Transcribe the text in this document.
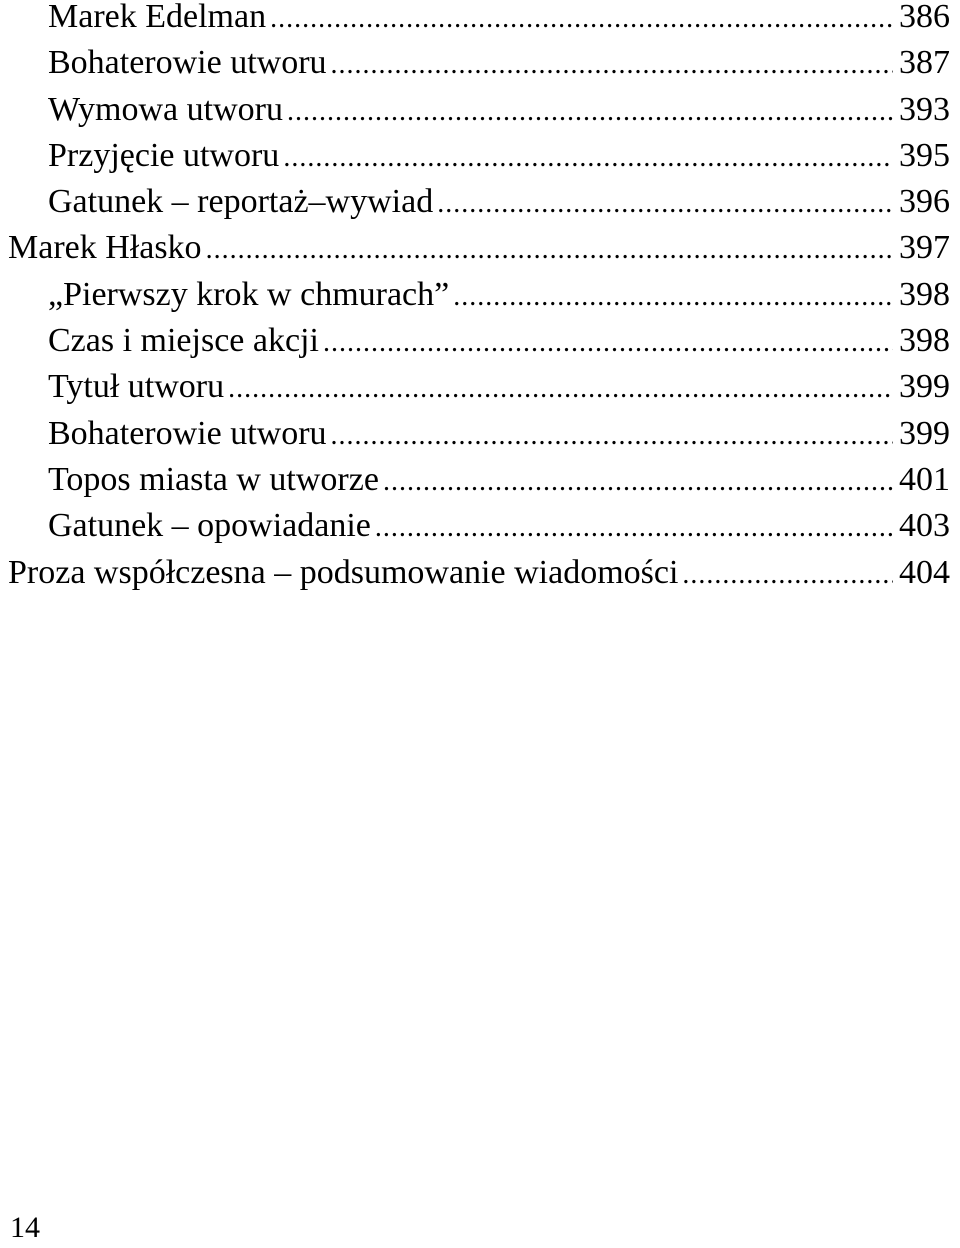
Marek Edelman .....	386
Bohaterowie utworu .....	387
Wymowa utworu .....	393
Przyjęcie utworu .....	395
Gatunek – reportaż–wywiad .....	396
Marek Hłasko .....	397
„Pierwszy krok w chmurach” .....	398
Czas i miejsce akcji .....	398
Tytuł utworu .....	399
Bohaterowie utworu .....	399
Topos miasta w utworze .....	401
Gatunek – opowiadanie .....	403
Proza współczesna – podsumowanie wiadomości .....	404
14
